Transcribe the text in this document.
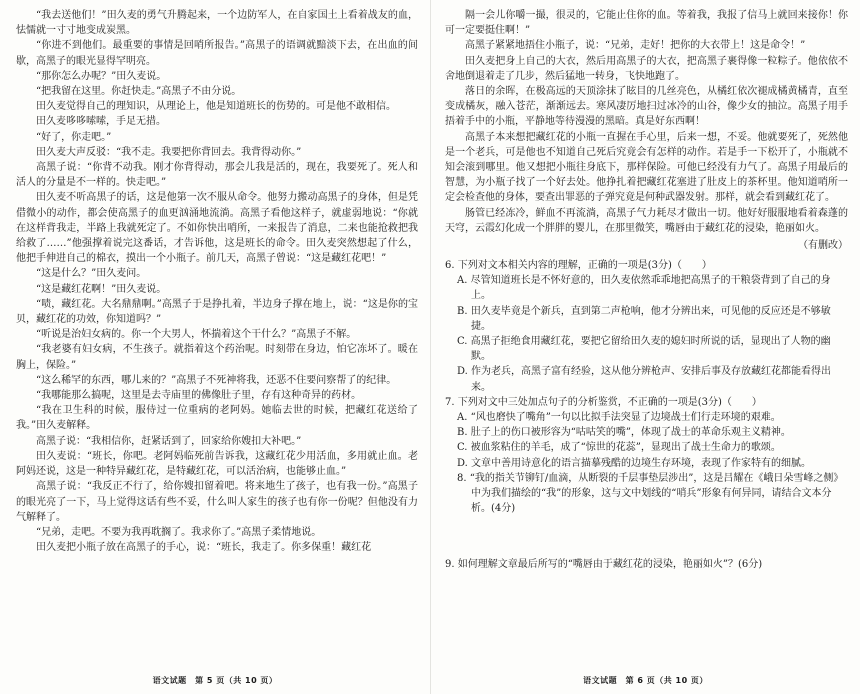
“我去送他们！”田久麦的勇气升腾起来，一个边防军人，在自家国土上看着战友的血，怯懦就一寸寸地变成炭黑。

“你进不到他们。最重要的事情是回哨所报告。”高黑子的语调就黯淡下去，在出血的间歇，高黑子的眼光显得罕明亮。

“那你怎么办呢？”田久麦说。

“把我留在这里。你赶快走。”高黑子不由分说。

田久麦觉得自己的理知识，从理论上，他是知道班长的伤势的。可是他不敢相信。

田久麦哆哆嗦嗦，手足无措。

“好了，你走吧。”

田久麦大声反驳：“我不走。我要把你背回去。我背得动你。”

高黑子说：“你背不动我。刚才你背得动，那会儿我是活的，现在，我要死了。死人和活人的分量是不一样的。快走吧。”

田久麦不听高黑子的话，这是他第一次不服从命令。他努力搬动高黑子的身体，但是凭借微小的动作，都会使高黑子的血更汹涌地流淌。高黑子看他这样子，就虚弱地说：“你就在这样背我走，半路上我就死定了。不如你快出哨所，一来报告了消息，二来也能抢救把我给救了……”他强撑着说完这番话，才告诉他，这是班长的命令。田久麦突然想起了什么，他把手伸进自己的棉衣，摸出一个小瓶子。前几天，高黑子曾说：“这是藏红花吧！”

“这是什么？”田久麦问。

“这是藏红花啊！”田久麦说。

“啧，藏红花。大名鼎鼎啊。”高黑子于是挣扎着，半边身子撑在地上，说：“这是你的宝贝，藏红花的功效，你知道吗？”

“听说是治妇女病的。你一个大男人，怀揣着这个干什么？”高黑子不解。

“我老婆有妇女病，不生孩子。就指着这个药治呢。时刻带在身边，怕它冻坏了。暖在胸上，保险。”

“这么稀罕的东西，哪儿来的？”高黑子不死神将我，还恶不住要问察帮了的纪律。

“我哪能那么搞呢，这里是去寺庙里的佛像肚子里，存有这种奇异的药材。

“我在卫生科的时候，服侍过一位重病的老阿妈。她临去世的时候，把藏红花送给了我。”田久麦解释。

高黑子说：“我相信你，赶紧话到了，回家给你嫂扣大补吧。”

田久麦说：“班长，你吧。老阿妈临死前告诉我，这藏红花少用活血，多用就止血。老阿妈还说，这是一种特异藏红花，是特藏红花，可以活治病，也能够止血。”

高黑子说：“我反正不行了，给你嫂扣留着吧。将来地生了孩子，也有我一份。”高黑子的眼光亮了一下，马上觉得这话有些不妥，什么叫人家生的孩子也有你一份呢？但他没有力气解释了。

“兄弟，走吧。不要为我再耽搁了。我求你了。”高黑子柔情地说。

田久麦把小瓶子放在高黑子的手心，说：“班长，我走了。你多保重！藏红花

语文试题　第 5 页（共 10 页）

隔一会儿你嚼一撮，很灵的，它能止住你的血。等着我，我报了信马上就回来接你！你可一定要挺住啊！”

高黑子紧紧地捂住小瓶子，说：“兄弟，走好！把你的大衣带上！这是命令！”

田久麦把身上自己的大衣，然后用高黑子的大衣，把高黑子裹得像一粒粽子。他依依不舍地倒退着走了几步，然后猛地一转身，飞快地跑了。

落日的余晖，在极高远的天顶涂抹了眩目的几丝亮色，从橘红依次褪成橘黄橘青，直至变成橘灰，融入苍茫，渐渐远去。寒风凄厉地扫过冰冷的山谷，像少女的抽泣。高黑子用手捂着手中的小瓶，平静地等待漫漫的黑暗。真是好东西啊！

高黑子本来想把藏红花的小瓶一直握在手心里，后来一想，不妥。他就要死了，死然他是一个老兵，可是他也不知道自己死后究竟会有怎样的动作。若是手一下松开了，小瓶就不知会滚到哪里。他又想把小瓶往身底下，那样保险。可他已经没有力气了。高黑子用最后的智慧，为小瓶子找了一个好去处。他挣扎着把藏红花塞进了肚皮上的茶杯里。他知道哨所一定会检查他的身体，要查出罪恶的子弹究竟是何种武器发射。那样，就会看到藏红花了。

肠管已经冻冷，鲜血不再流淌，高黑子气力耗尽才做出一切。他好好服服地看着森蓬的天穹，云霞幻化成一个胖胖的婴儿，在那里微笑，嘴唇由于藏红花的浸染，艳丽如火。

（有删改）

6. 下列对文本相关内容的理解，正确的一项是(3分)（　　）

A. 尽管知道班长是不怀好意的，田久麦依然乖乖地把高黑子的干粮袋背到了自己的身上。

B. 田久麦毕竟是个新兵，直到第二声枪响，他才分辨出来，可见他的反应还是不够敏捷。

C. 高黑子拒绝食用藏红花，要把它留给田久麦的媳妇时所说的话，显现出了人物的幽默。

D. 作为老兵，高黑子富有经验，这从他分辨枪声、安排后事及存放藏红花都能看得出来。

7. 下列对文中三处加点句子的分析鉴赏，不正确的一项是(3分)（　　）

A. “风也磨快了嘴角”一句以比拟手法突显了边境战士们行走环境的艰难。

B. 肚子上的伤口被形容为“咕咕笑的嘴”，体现了战士的革命乐观主义精神。

C. 被血浆粘住的羊毛，成了“惊世的花蕊”，显现出了战士生命力的歌颂。

D. 文章中善用诗意化的语言描摹残酷的边境生存环境，表现了作家特有的细腻。

8. “我的指关节铆钉/血滴，从断裂的千层事垫层涉出”，这是吕耀在《峨日朵雪峰之侧》中为我们描绘的“我”的形象，这与文中划线的“哨兵”形象有何异同，请结合文本分析。(4分)

9. 如何理解文章最后所写的“嘴唇由于藏红花的浸染，艳丽如火”？(6分)

语文试题　第 6 页（共 10 页）
